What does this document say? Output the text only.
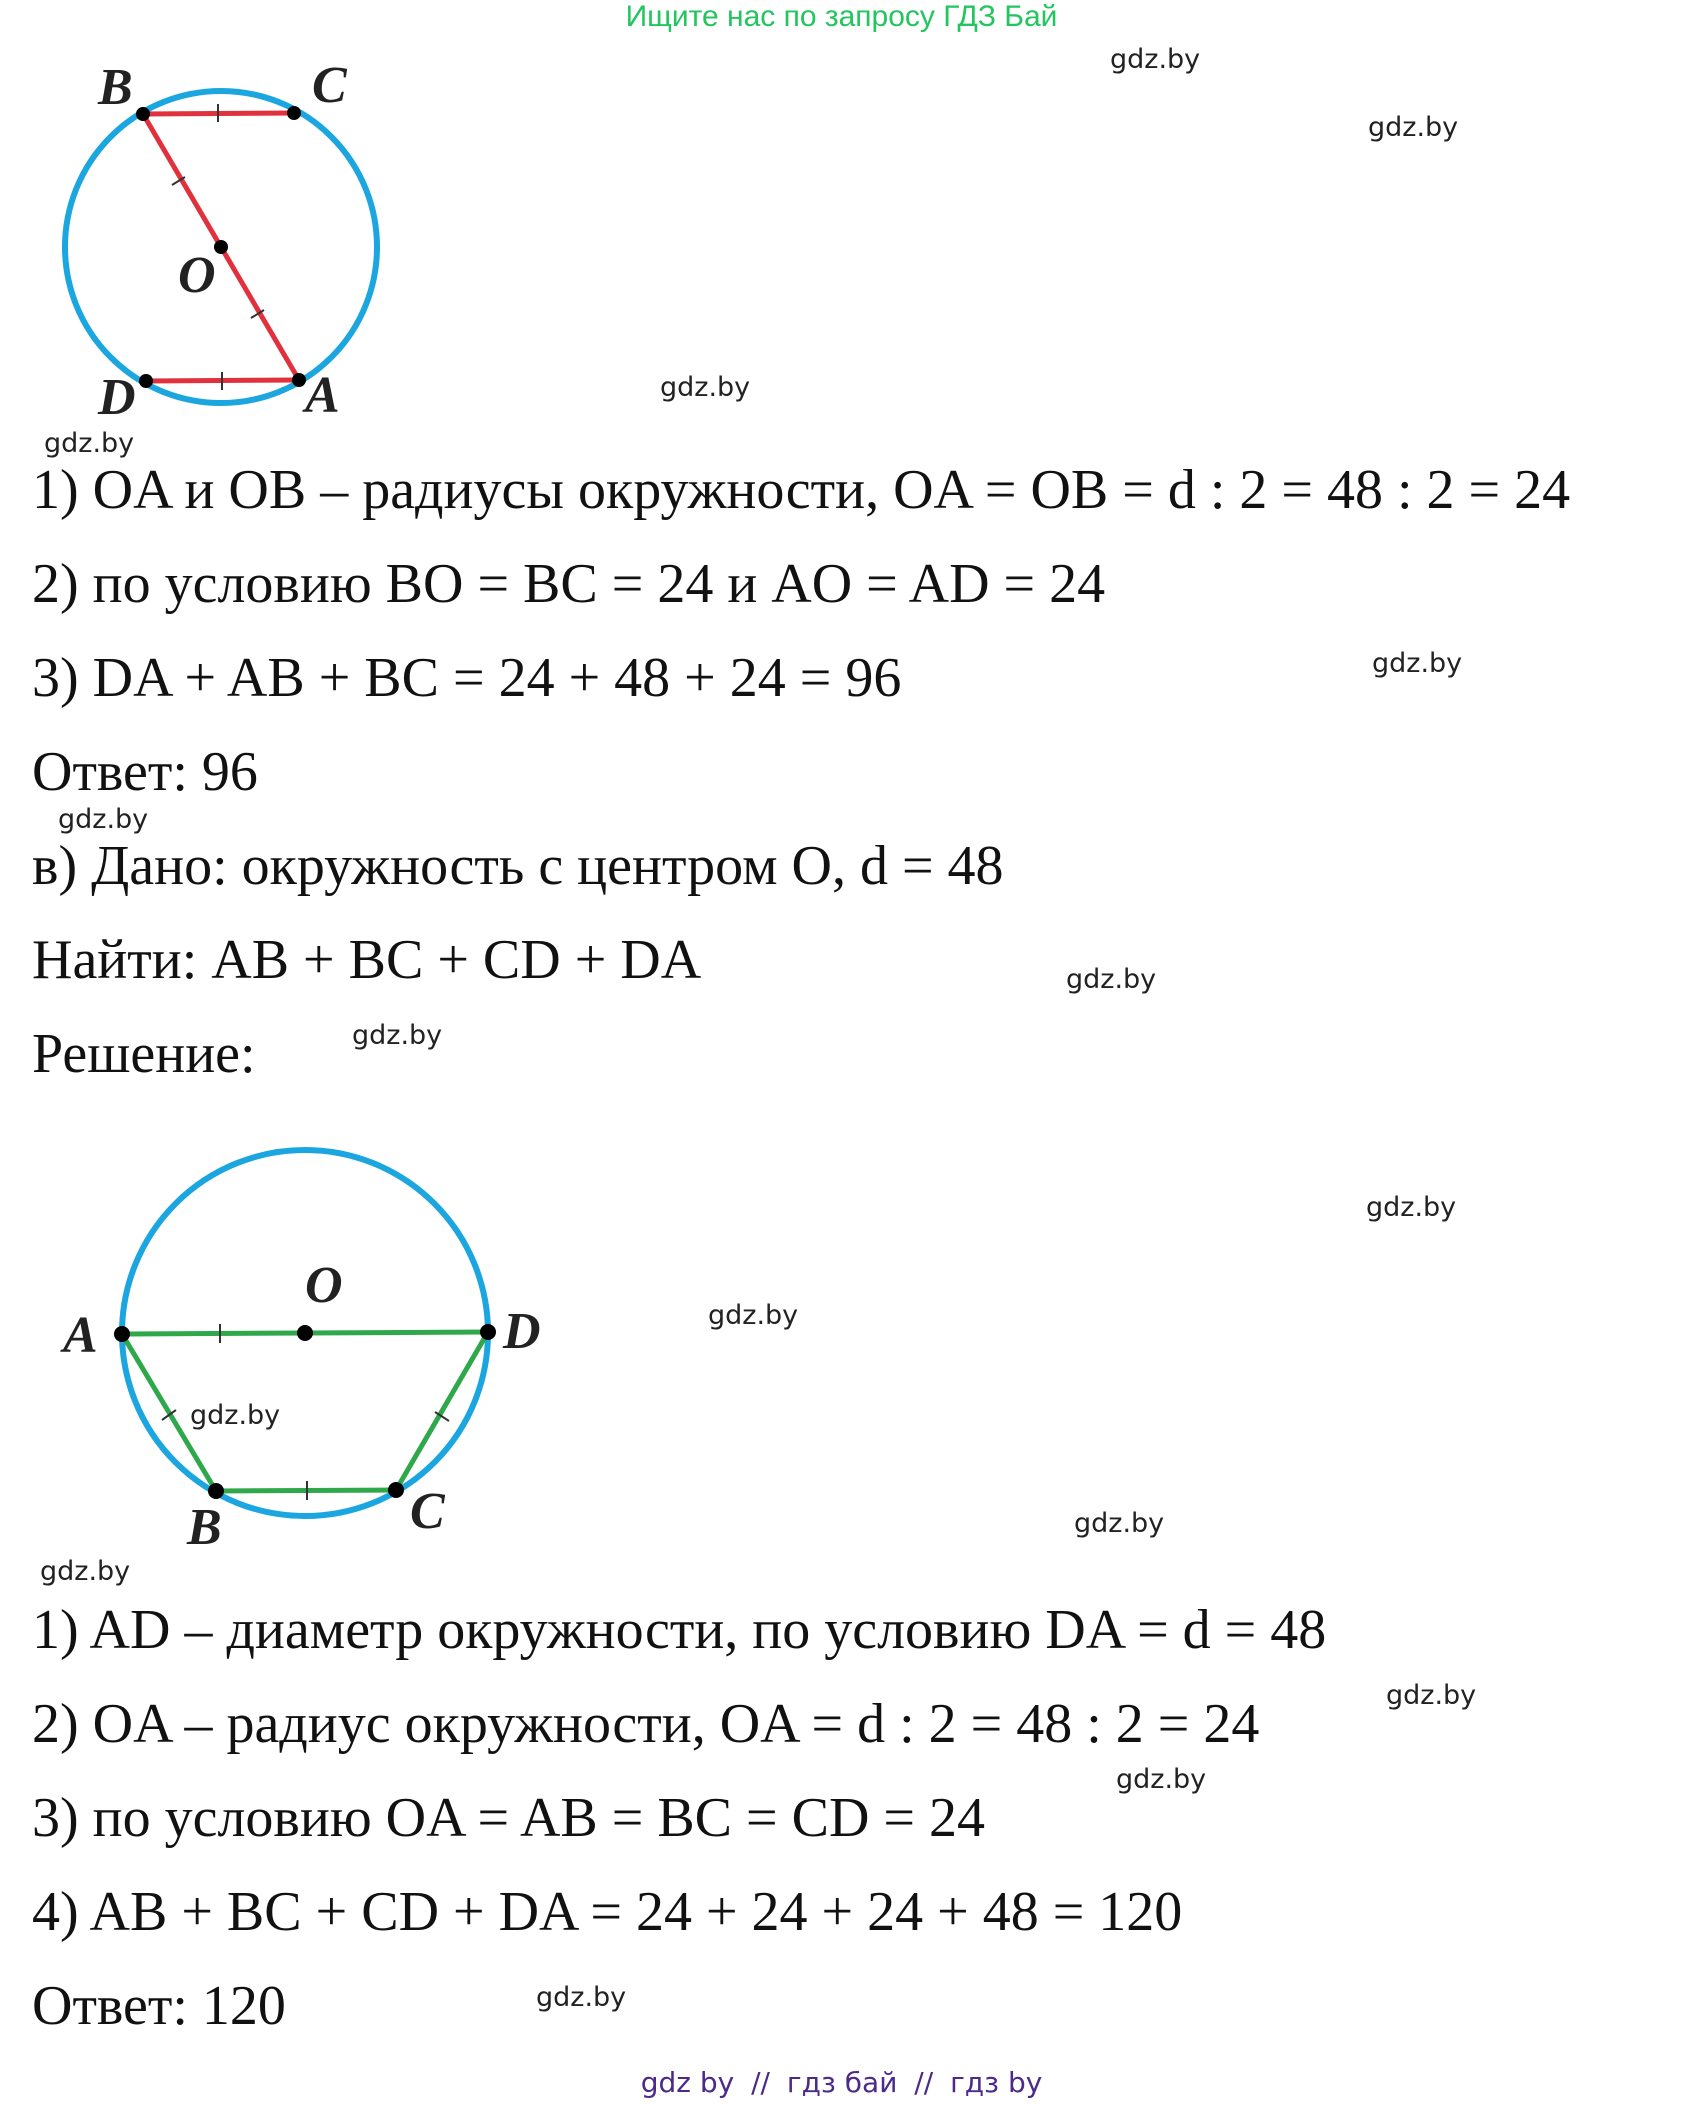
Ищите нас по запросу ГДЗ Бай
B	C
O
D	A
A
O
D
B	C
gdz.by
gdz.by
gdz.by
gdz.by
gdz.by
gdz.by
gdz.by
gdz.by
gdz.by
gdz.by
gdz.by
gdz.by
gdz.by
gdz.by
gdz.by
gdz.by
1) OA и OB – радиусы окружности, OA = OB = d : 2 = 48 : 2 = 24
2) по условию BO = BC = 24 и AO = AD = 24
3) DA + AB + BC = 24 + 48 + 24 = 96
Ответ: 96
в) Дано: окружность с центром O, d = 48
Найти: AB + BC + CD + DA
Решение:
1) AD – диаметр окружности, по условию DA = d = 48
2) OA – радиус окружности, OA = d : 2 = 48 : 2 = 24
3) по условию OA = AB = BC = CD = 24
4) AB + BC + CD + DA = 24 + 24 + 24 + 48 = 120
Ответ: 120
gdz by // гдз бай // гдз by
